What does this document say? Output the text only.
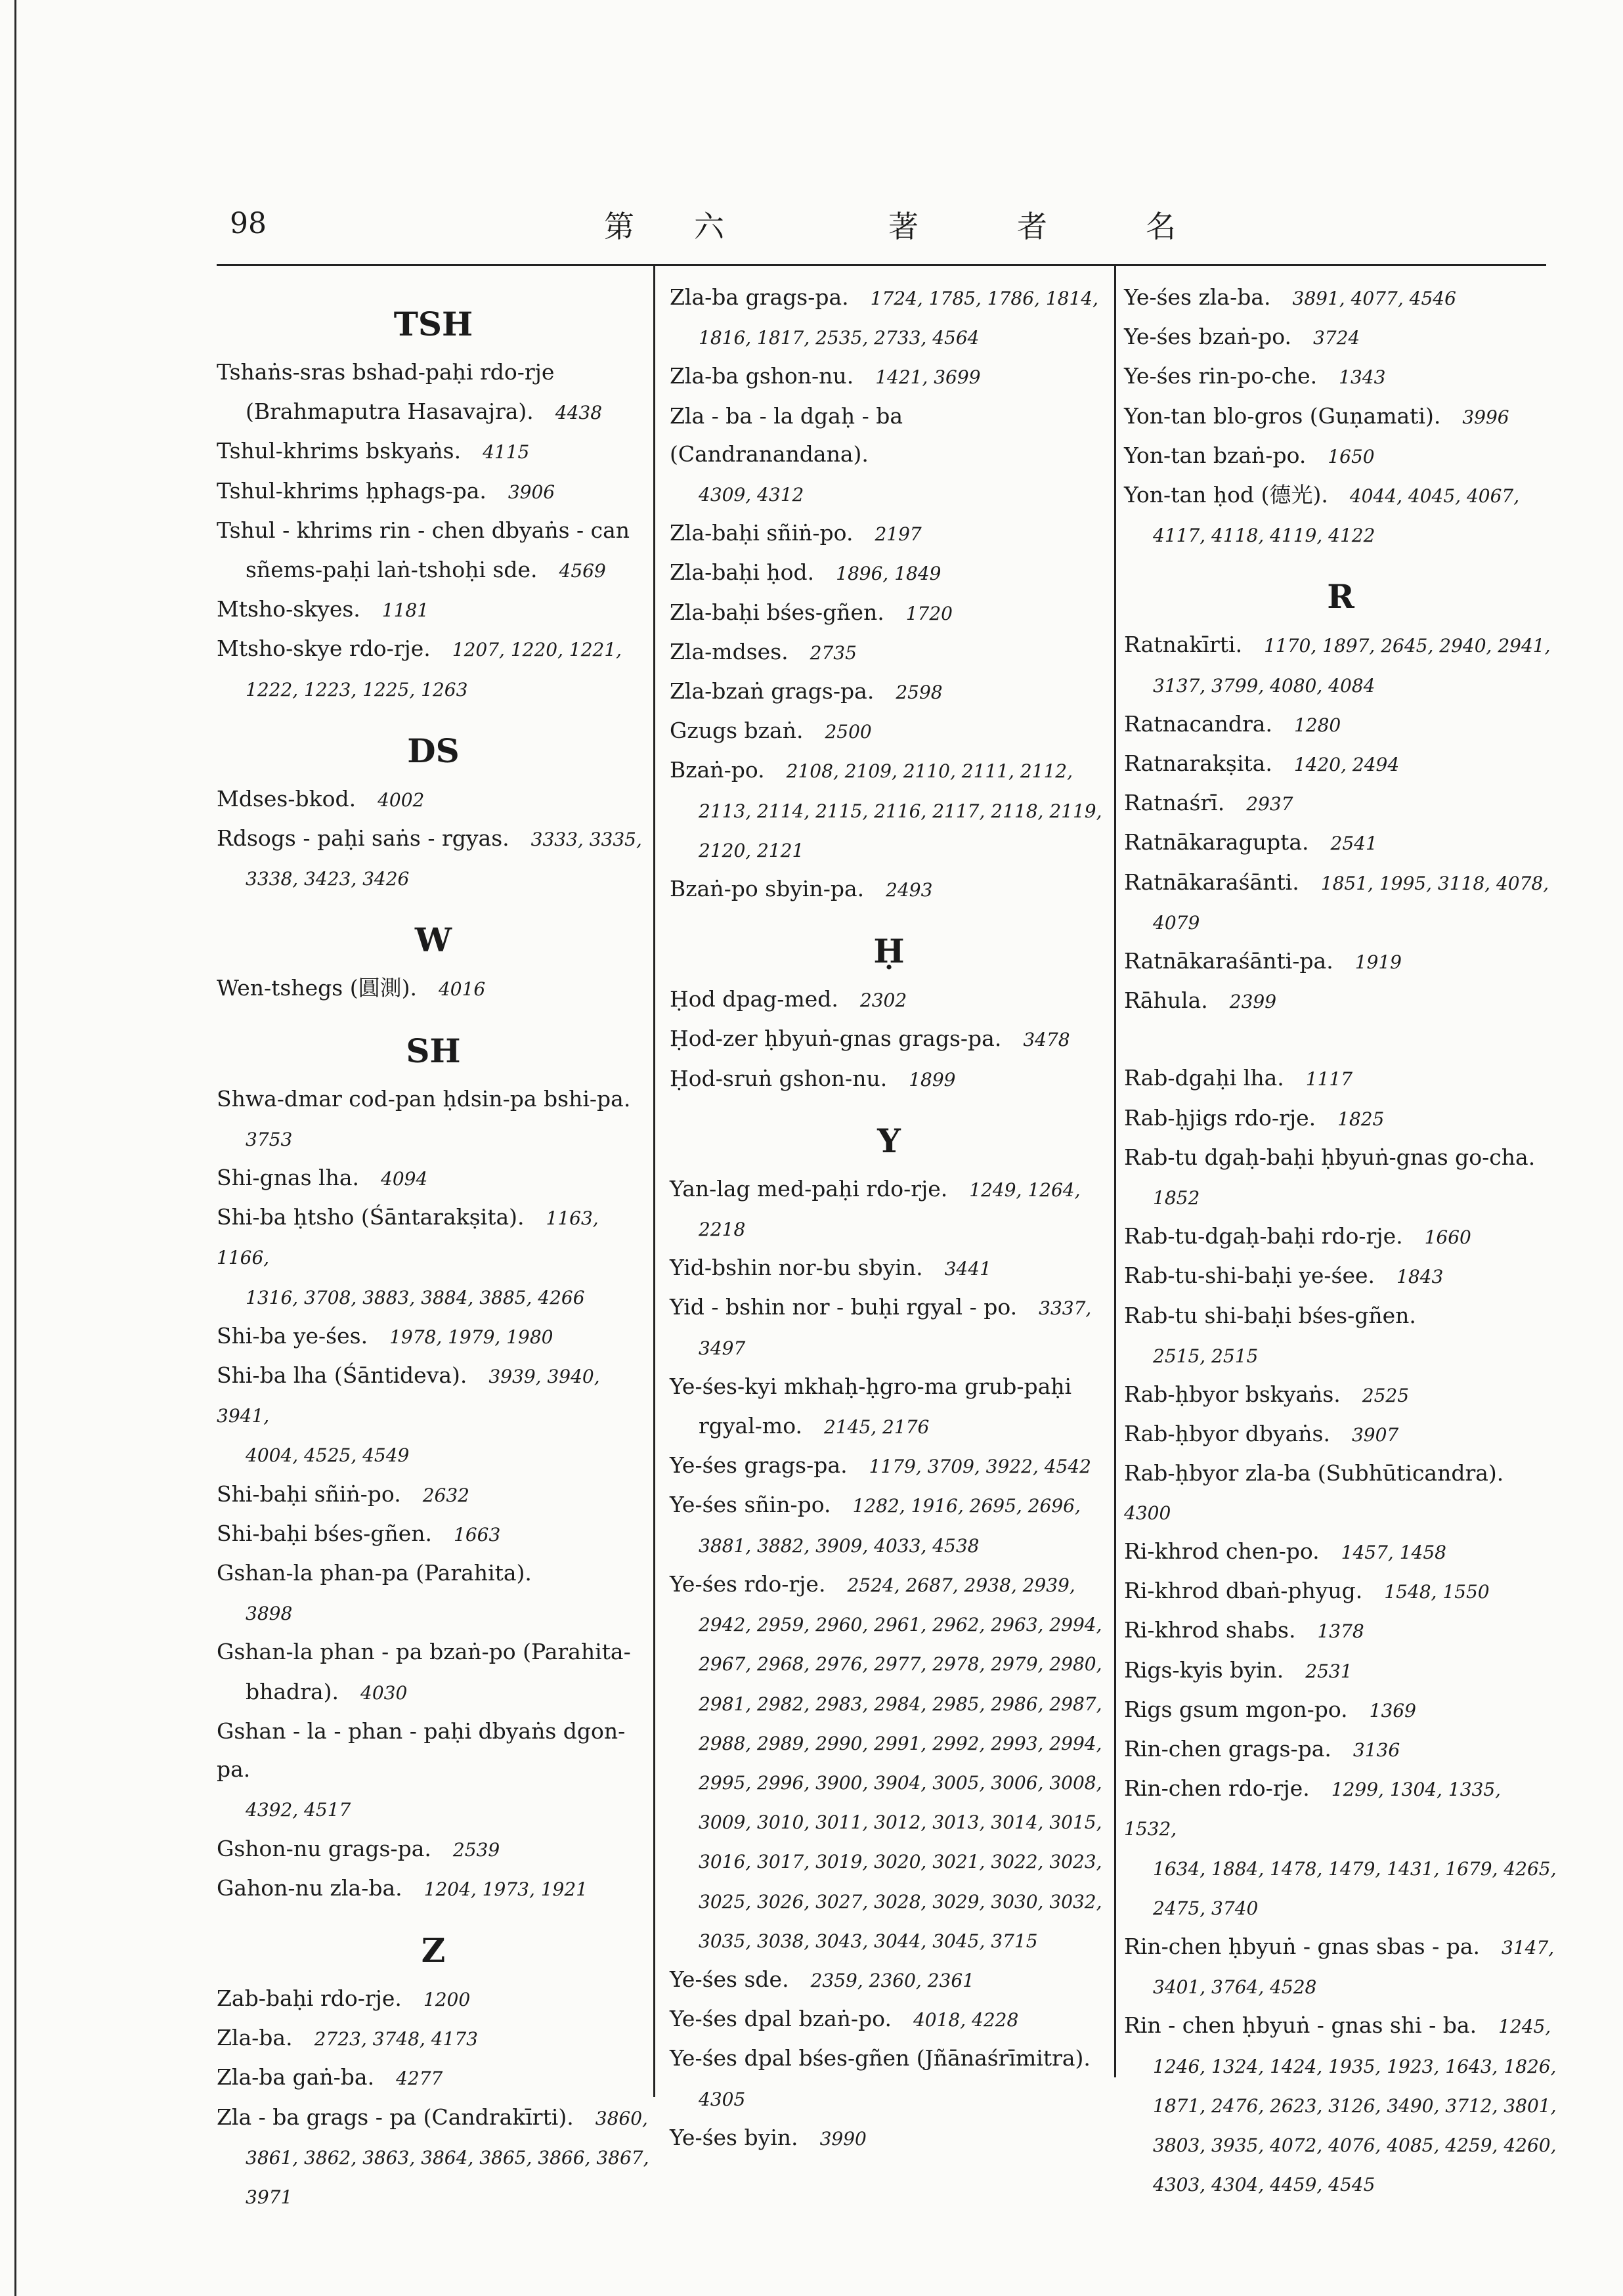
98	第 六	著	者	名
TSH
Tshaṅs-sras bshad-paḥi rdo-rje
(Brahmaputra Hasavajra).  4438
Tshul-khrims bskyaṅs.  4115
Tshul-khrims ḥphags-pa.  3906
Tshul - khrims rin - chen dbyaṅs - can
sñems-paḥi laṅ-tshoḥi sde.  4569
Mtsho-skyes.  1181
Mtsho-skye rdo-rje.  1207, 1220, 1221,
1222, 1223, 1225, 1263
DS
Mdses-bkod.  4002
Rdsogs - paḥi saṅs - rgyas.  3333, 3335,
3338, 3423, 3426
W
Wen-tshegs (圓測).  4016
SH
Shwa-dmar cod-pan ḥdsin-pa bshi-pa.
3753
Shi-gnas lha.  4094
Shi-ba ḥtsho (Śāntarakṣita).  1163, 1166,
1316, 3708, 3883, 3884, 3885, 4266
Shi-ba ye-śes.  1978, 1979, 1980
Shi-ba lha (Śāntideva).  3939, 3940, 3941,
4004, 4525, 4549
Shi-baḥi sñiṅ-po.  2632
Shi-baḥi bśes-gñen.  1663
Gshan-la phan-pa (Parahita).
3898
Gshan-la phan - pa bzaṅ-po (Parahita-
bhadra).  4030
Gshan - la - phan - paḥi dbyaṅs dgon-pa.
4392, 4517
Gshon-nu grags-pa.  2539
Gahon-nu zla-ba.  1204, 1973, 1921
Z
Zab-baḥi rdo-rje.  1200
Zla-ba.  2723, 3748, 4173
Zla-ba gaṅ-ba.  4277
Zla - ba grags - pa (Candrakīrti).  3860,
3861, 3862, 3863, 3864, 3865, 3866, 3867,
3971
Zla-ba grags-pa.  1724, 1785, 1786, 1814,
1816, 1817, 2535, 2733, 4564
Zla-ba gshon-nu.  1421, 3699
Zla - ba - la dgaḥ - ba (Candranandana).
4309, 4312
Zla-baḥi sñiṅ-po.  2197
Zla-baḥi ḥod.  1896, 1849
Zla-baḥi bśes-gñen.  1720
Zla-mdses.  2735
Zla-bzaṅ grags-pa.  2598
Gzugs bzaṅ.  2500
Bzaṅ-po.  2108, 2109, 2110, 2111, 2112,
2113, 2114, 2115, 2116, 2117, 2118, 2119,
2120, 2121
Bzaṅ-po sbyin-pa.  2493
Ḥ
Ḥod dpag-med.  2302
Ḥod-zer ḥbyuṅ-gnas grags-pa.  3478
Ḥod-sruṅ gshon-nu.  1899
Y
Yan-lag med-paḥi rdo-rje.  1249, 1264,
2218
Yid-bshin nor-bu sbyin.  3441
Yid - bshin nor - buḥi rgyal - po.  3337,
3497
Ye-śes-kyi mkhaḥ-ḥgro-ma grub-paḥi
rgyal-mo.  2145, 2176
Ye-śes grags-pa.  1179, 3709, 3922, 4542
Ye-śes sñin-po.  1282, 1916, 2695, 2696,
3881, 3882, 3909, 4033, 4538
Ye-śes rdo-rje.  2524, 2687, 2938, 2939,
2942, 2959, 2960, 2961, 2962, 2963, 2994,
2967, 2968, 2976, 2977, 2978, 2979, 2980,
2981, 2982, 2983, 2984, 2985, 2986, 2987,
2988, 2989, 2990, 2991, 2992, 2993, 2994,
2995, 2996, 3900, 3904, 3005, 3006, 3008,
3009, 3010, 3011, 3012, 3013, 3014, 3015,
3016, 3017, 3019, 3020, 3021, 3022, 3023,
3025, 3026, 3027, 3028, 3029, 3030, 3032,
3035, 3038, 3043, 3044, 3045, 3715
Ye-śes sde.  2359, 2360, 2361
Ye-śes dpal bzaṅ-po.  4018, 4228
Ye-śes dpal bśes-gñen (Jñānaśrīmitra).
4305
Ye-śes byin.  3990
Ye-śes zla-ba.  3891, 4077, 4546
Ye-śes bzaṅ-po.  3724
Ye-śes rin-po-che.  1343
Yon-tan blo-gros (Guṇamati).  3996
Yon-tan bzaṅ-po.  1650
Yon-tan ḥod (德光).  4044, 4045, 4067,
4117, 4118, 4119, 4122
R
Ratnakīrti.  1170, 1897, 2645, 2940, 2941,
3137, 3799, 4080, 4084
Ratnacandra.  1280
Ratnarakṣita.  1420, 2494
Ratnaśrī.  2937
Ratnākaragupta.  2541
Ratnākaraśānti.  1851, 1995, 3118, 4078,
4079
Ratnākaraśānti-pa.  1919
Rāhula.  2399
Rab-dgaḥi lha.  1117
Rab-ḥjigs rdo-rje.  1825
Rab-tu dgaḥ-baḥi ḥbyuṅ-gnas go-cha.
1852
Rab-tu-dgaḥ-baḥi rdo-rje.  1660
Rab-tu-shi-baḥi ye-śee.  1843
Rab-tu shi-baḥi bśes-gñen.
2515, 2515
Rab-ḥbyor bskyaṅs.  2525
Rab-ḥbyor dbyaṅs.  3907
Rab-ḥbyor zla-ba (Subhūticandra). 4300
Ri-khrod chen-po.  1457, 1458
Ri-khrod dbaṅ-phyug.  1548, 1550
Ri-khrod shabs.  1378
Rigs-kyis byin.  2531
Rigs gsum mgon-po.  1369
Rin-chen grags-pa.  3136
Rin-chen rdo-rje.  1299, 1304, 1335, 1532,
1634, 1884, 1478, 1479, 1431, 1679, 4265,
2475, 3740
Rin-chen ḥbyuṅ - gnas sbas - pa.  3147,
3401, 3764, 4528
Rin - chen ḥbyuṅ - gnas shi - ba.  1245,
1246, 1324, 1424, 1935, 1923, 1643, 1826,
1871, 2476, 2623, 3126, 3490, 3712, 3801,
3803, 3935, 4072, 4076, 4085, 4259, 4260,
4303, 4304, 4459, 4545
